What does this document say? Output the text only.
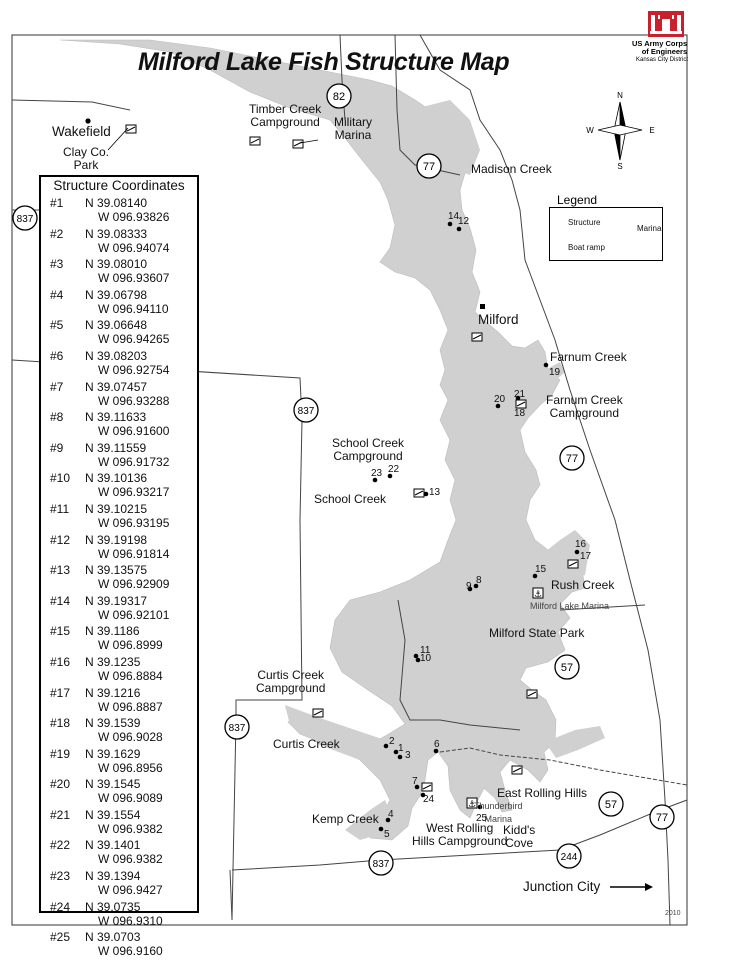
82
77
837
837
77
57
837
57
77
837
244
⚓
⚓
N
S
W	E
Milford Lake Fish Structure Map
US Army Corps
of Engineers
Kansas City District
Legend
Structure
Marina
Boat ramp
Structure Coordinates
#1 N 39.08140
W 096.93826
#2 N 39.08333
W 096.94074
#3 N 39.08010
W 096.93607
#4 N 39.06798
W 096.94110
#5 N 39.06648
W 096.94265
#6 N 39.08203
W 096.92754
#7 N 39.07457
W 096.93288
#8 N 39.11633
W 096.91600
#9 N 39.11559
W 096.91732
#10 N 39.10136
W 096.93217
#11 N 39.10215
W 096.93195
#12 N 39.19198
W 096.91814
#13 N 39.13575
W 096.92909
#14 N 39.19317
W 096.92101
#15 N 39.1186
W 096.8999
#16 N 39.1235
W 096.8884
#17 N 39.1216
W 096.8887
#18 N 39.1539
W 096.9028
#19 N 39.1629
W 096.8956
#20 N 39.1545
W 096.9089
#21 N 39.1554
W 096.9382
#22 N 39.1401
W 096.9382
#23 N 39.1394
W 096.9427
#24 N 39.0735
W 096.9310
#25 N 39.0703
W 096.9160
Wakefield
Clay Co.
Park
Timber Creek
Campground Military
Marina
Madison Creek
Milford
Farnum Creek
Farnum Creek
Campground
School Creek
Campground
School Creek
Rush Creek
Milford Lake Marina
Milford State Park
Curtis Creek
Campground
Curtis Creek
East Rolling Hills
Thunderbird
Marina
Kemp Creek
West Rolling
Hills Campground
Kidd's
Cove
Junction City
2010
14
12
21
20
18
19
23 22
13
16
17
15
9
8
11
10
2
1
3
6
7
24
25
4
5
